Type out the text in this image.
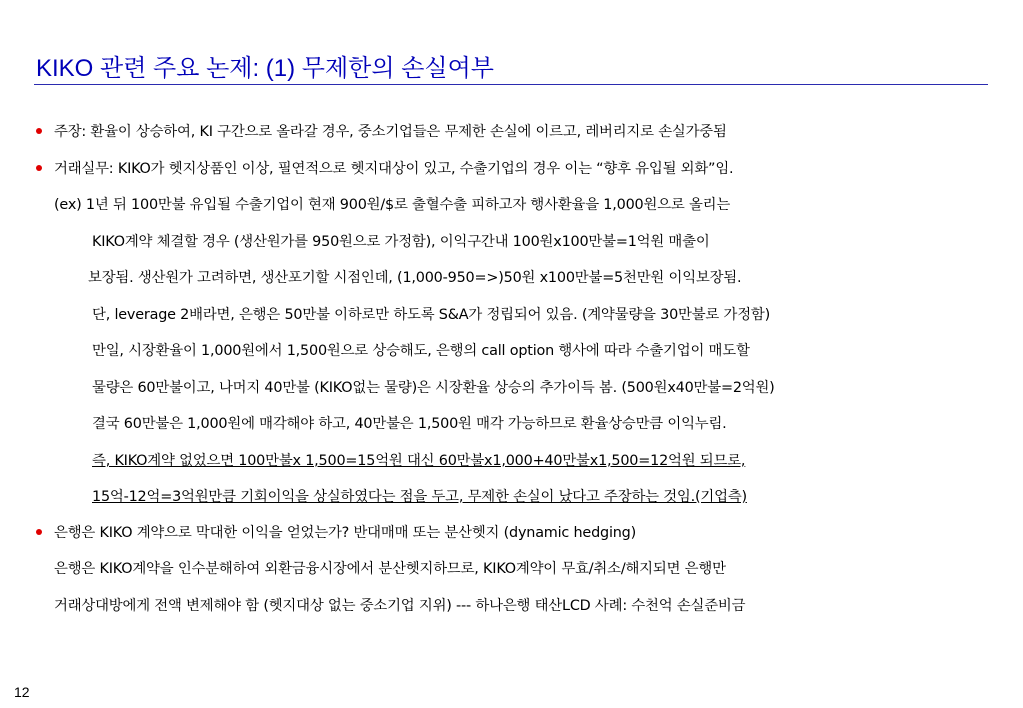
KIKO 관련 주요 논제: (1) 무제한의 손실여부
주장: 환율이 상승하여, KI 구간으로 올라갈 경우, 중소기업들은 무제한 손실에 이르고, 레버리지로 손실가중됨
거래실무: KIKO가 헷지상품인 이상, 필연적으로 헷지대상이 있고, 수출기업의 경우 이는 “향후 유입될 외화”임.
(ex) 1년 뒤 100만불 유입될 수출기업이 현재 900원/$로 출혈수출 피하고자 행사환율을 1,000원으로 올리는
KIKO계약 체결할 경우 (생산원가를 950원으로 가정함), 이익구간내 100원x100만불=1억원 매출이
보장됨. 생산원가 고려하면, 생산포기할 시점인데, (1,000-950=>)50원 x100만불=5천만원 이익보장됨.
단, leverage 2배라면, 은행은 50만불 이하로만 하도록 S&A가 정립되어 있음. (계약물량을 30만불로 가정함)
만일, 시장환율이 1,000원에서 1,500원으로 상승해도, 은행의 call option 행사에 따라 수출기업이 매도할
물량은 60만불이고, 나머지 40만불 (KIKO없는 물량)은 시장환율 상승의 추가이득 봄. (500원x40만불=2억원)
결국 60만불은 1,000원에 매각해야 하고, 40만불은 1,500원 매각 가능하므로 환율상승만큼 이익누림.
즉, KIKO계약 없었으면 100만불x 1,500=15억원 대신 60만불x1,000+40만불x1,500=12억원 되므로,
15억-12억=3억원만큼 기회이익을 상실하였다는 점을 두고, 무제한 손실이 났다고 주장하는 것임.(기업측)
은행은 KIKO 계약으로 막대한 이익을 얻었는가? 반대매매 또는 분산헷지 (dynamic hedging)
은행은 KIKO계약을 인수분해하여 외환금융시장에서 분산헷지하므로, KIKO계약이 무효/취소/해지되면 은행만
거래상대방에게 전액 변제해야 함 (헷지대상 없는 중소기업 지위) --- 하나은행 태산LCD 사례: 수천억 손실준비금
12
